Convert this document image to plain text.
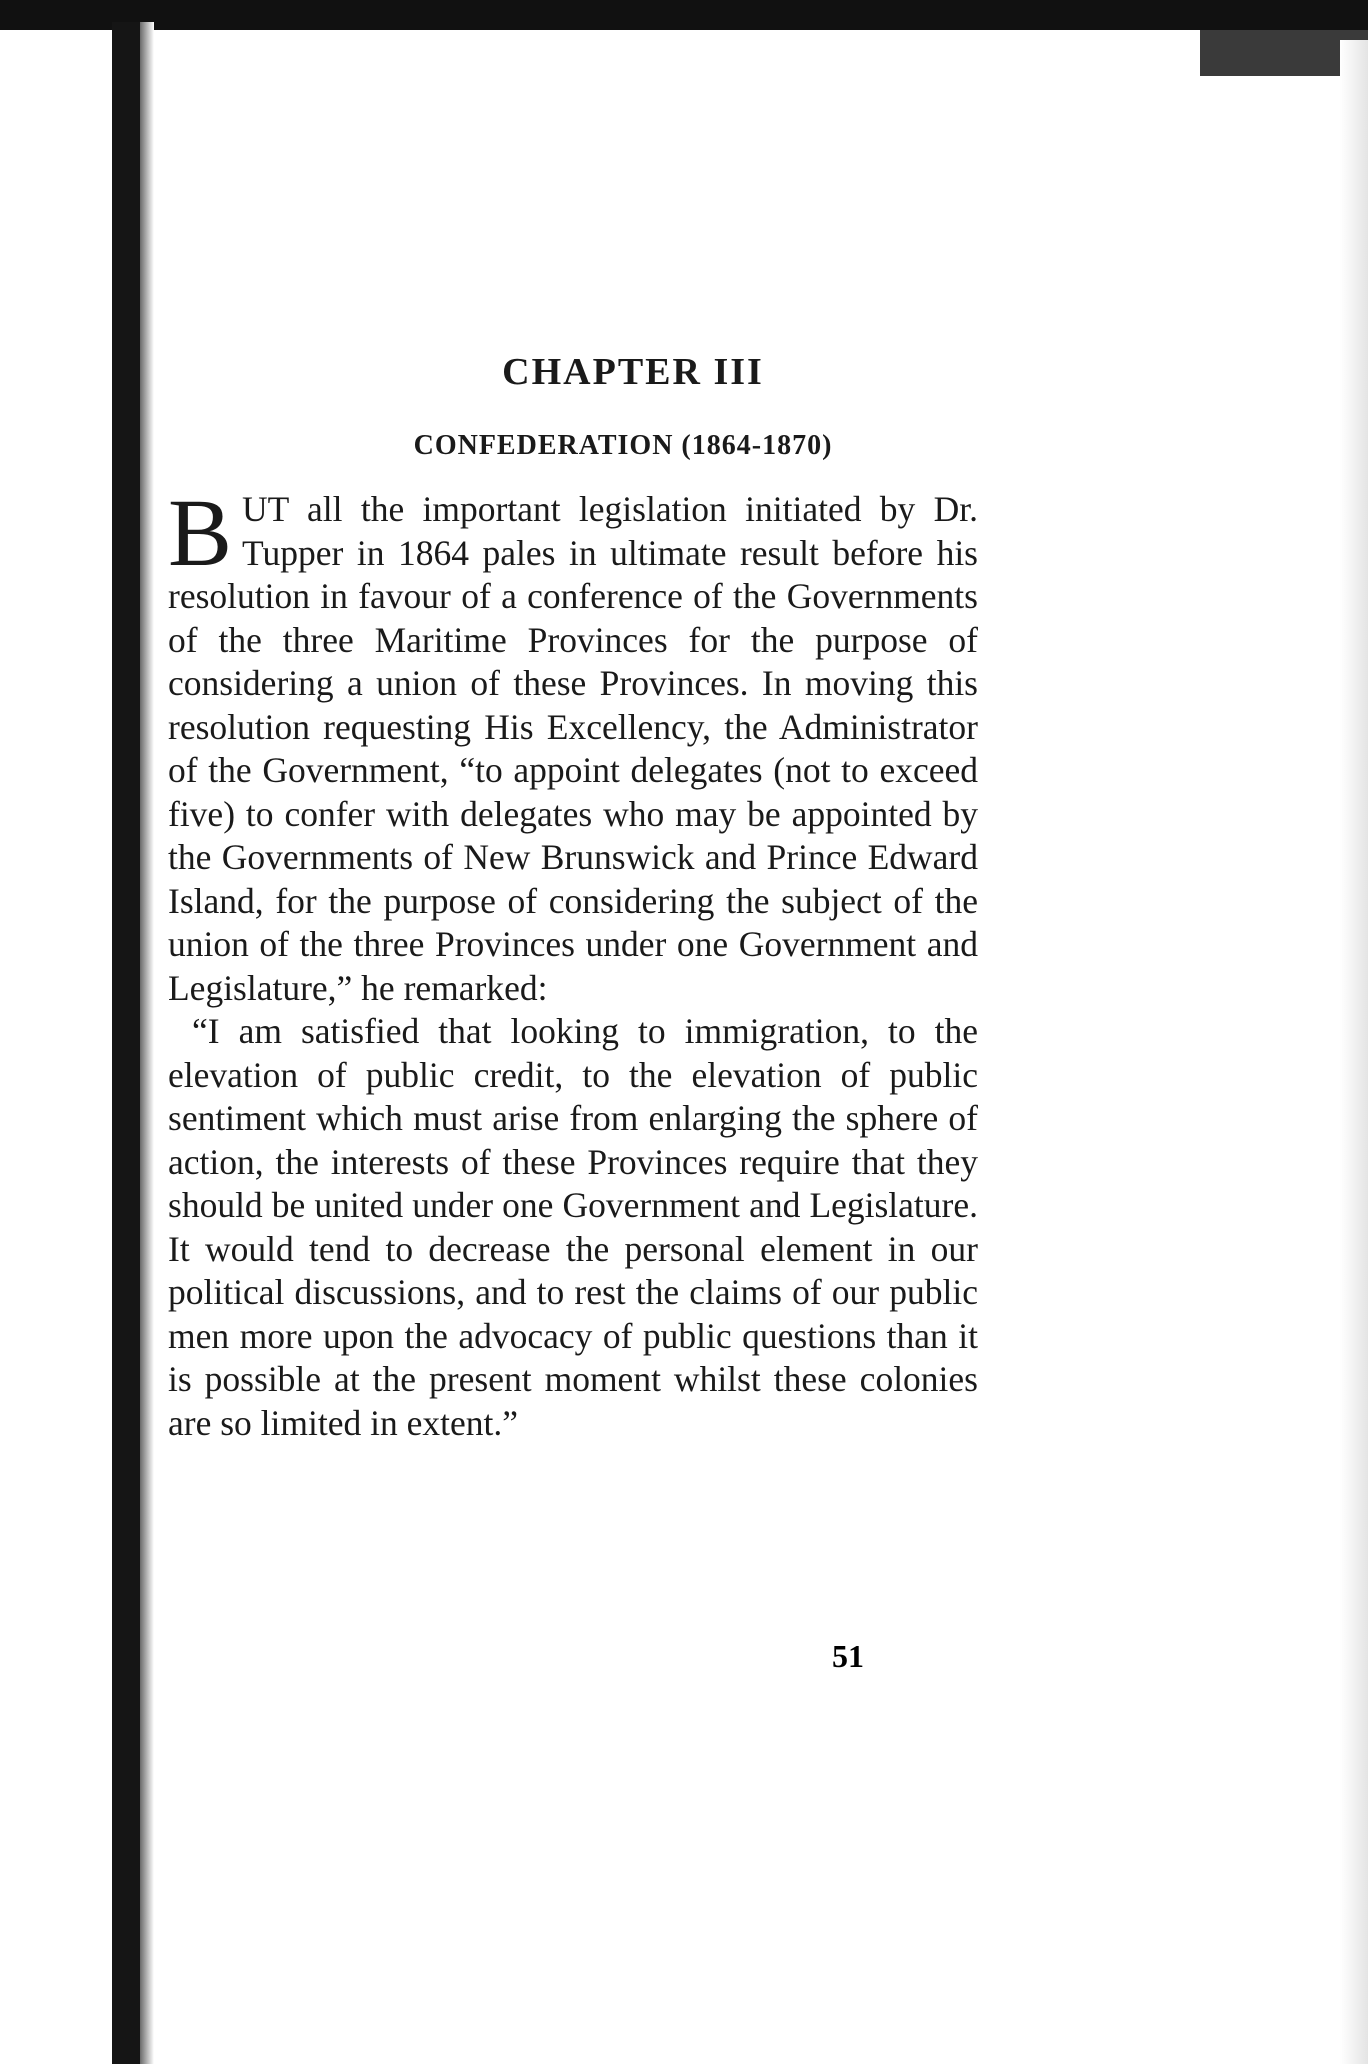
CHAPTER III
CONFEDERATION (1864-1870)

BUT all the important legislation initiated by Dr. Tupper in 1864 pales in ultimate result before his resolution in favour of a conference of the Governments of the three Maritime Provinces for the purpose of considering a union of these Provinces. In moving this resolution requesting His Excellency, the Administrator of the Government, “to appoint delegates (not to exceed five) to confer with delegates who may be appointed by the Governments of New Brunswick and Prince Edward Island, for the purpose of considering the subject of the union of the three Provinces under one Government and Legislature,” he remarked:

“I am satisfied that looking to immigration, to the elevation of public credit, to the elevation of public sentiment which must arise from enlarging the sphere of action, the interests of these Provinces require that they should be united under one Government and Legislature. It would tend to decrease the personal element in our political discussions, and to rest the claims of our public men more upon the advocacy of public questions than it is possible at the present moment whilst these colonies are so limited in extent.”

51
